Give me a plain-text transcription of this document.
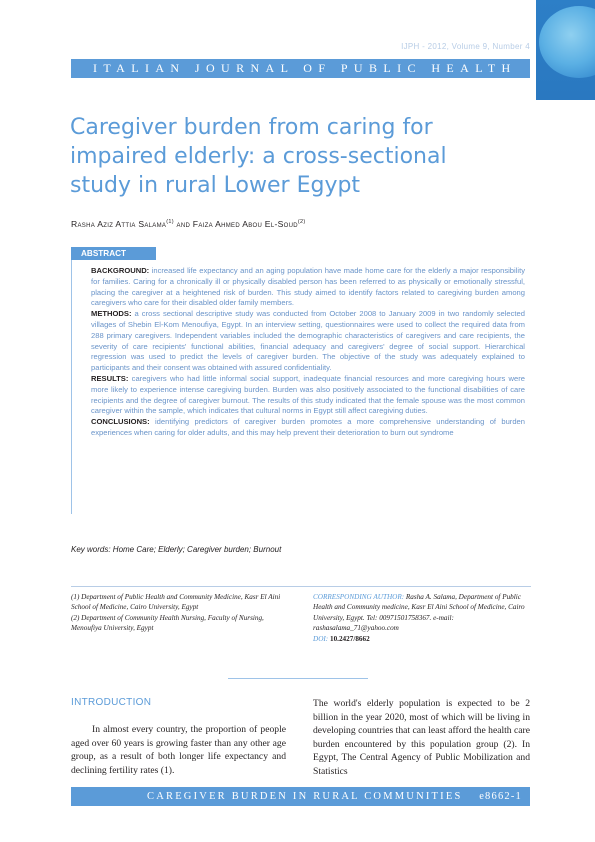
IJPH - 2012, Volume 9, Number 4
ITALIAN JOURNAL OF PUBLIC HEALTH
Caregiver burden from caring for impaired elderly: a cross-sectional study in rural Lower Egypt
Rasha Aziz Attia Salama$^{(1)}$ and Faiza Ahmed Abou El-Soud$^{(2)}$
ABSTRACT

BACKGROUND: increased life expectancy and an aging population have made home care for the elderly a major responsibility for families. Caring for a chronically ill or physically disabled person has been referred to as physically or emotionally stressful, placing the caregiver at a heightened risk of burden. This study aimed to identify factors related to caregiving burden among caregivers who care for their disabled older family members.

METHODS: a cross sectional descriptive study was conducted from October 2008 to January 2009 in two randomly selected villages of Shebin El-Kom Menoufiya, Egypt. In an interview setting, questionnaires were used to collect the required data from 288 primary caregivers. Independent variables included the demographic characteristics of caregivers and care recipients, the severity of care recipients' functional abilities, financial adequacy and caregivers' degree of social support. Hierarchical regression was used to predict the levels of caregiver burden. The objective of the study was adequately explained to participants and their consent was obtained with assured confidentiality.

RESULTS: caregivers who had little informal social support, inadequate financial resources and more caregiving hours were more likely to experience intense caregiving burden. Burden was also positively associated to the functional disabilities of care recipients and the degree of caregiver burnout. The results of this study indicated that the female spouse was the most common caregiver within the sample, which indicates that cultural norms in Egypt still affect caregiving duties.

CONCLUSIONS: identifying predictors of caregiver burden promotes a more comprehensive understanding of burden experiences when caring for older adults, and this may help prevent their deterioration to burn out syndrome

Key words: Home Care; Elderly; Caregiver burden; Burnout

(1) Department of Public Health and Community Medicine, Kasr El Aini School of Medicine, Cairo University, Egypt

(2) Department of Community Health Nursing, Faculty of Nursing, Menoufiya University, Egypt

CORRESPONDING AUTHOR: Rasha A. Salama, Department of Public Health and Community medicine, Kasr El Aini School of Medicine, Cairo University, Egypt. Tel: 00971501758367. e-mail: rashasalama_71@yahoo.com

DOI: 10.2427/8662

INTRODUCTION

In almost every country, the proportion of people aged over 60 years is growing faster than any other age group, as a result of both longer life expectancy and declining fertility rates (1).

The world's elderly population is expected to be 2 billion in the year 2020, most of which will be living in developing countries that can least afford the health care burden encountered by this population group (2). In Egypt, The Central Agency of Public Mobilization and Statistics

CAREGIVER BURDEN IN RURAL COMMUNITIES e8662-1
